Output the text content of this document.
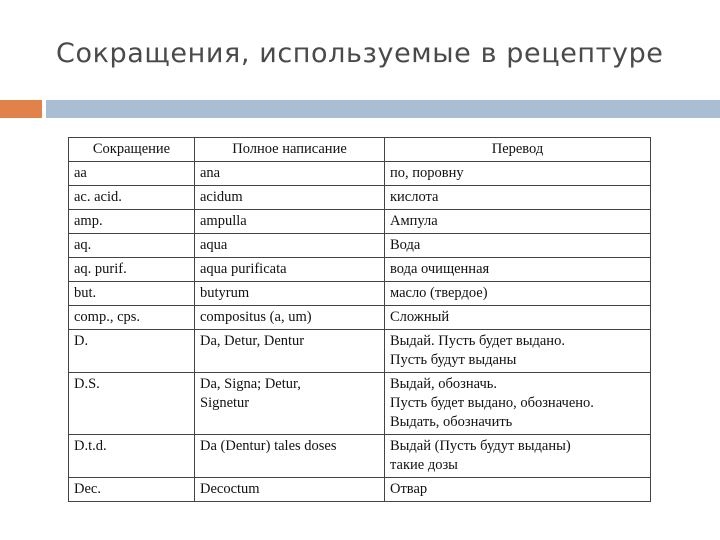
Сокращения, используемые в рецептуре
Сокращение	Полное написание	Перевод
aa	ana	по, поровну

ac. acid.	acidum	кислота

amp.	ampulla	Ампула

aq.	aqua	Вода

aq. purif.	aqua purificata	вода очищенная

but.	butyrum	масло (твердое)

comp., cps.	compositus (a, um)	Сложный

D.	Da, Detur, Dentur	Выдай. Пусть будет выдано.
Пусть будут выданы

D.S.	Da, Signa; Detur,
Signetur	Выдай, обозначь.
Пусть будет выдано, обозначено.
Выдать, обозначить

D.t.d.	Da (Dentur) tales doses	Выдай (Пусть будут выданы)
такие дозы

Dec.	Decoctum	Отвар
